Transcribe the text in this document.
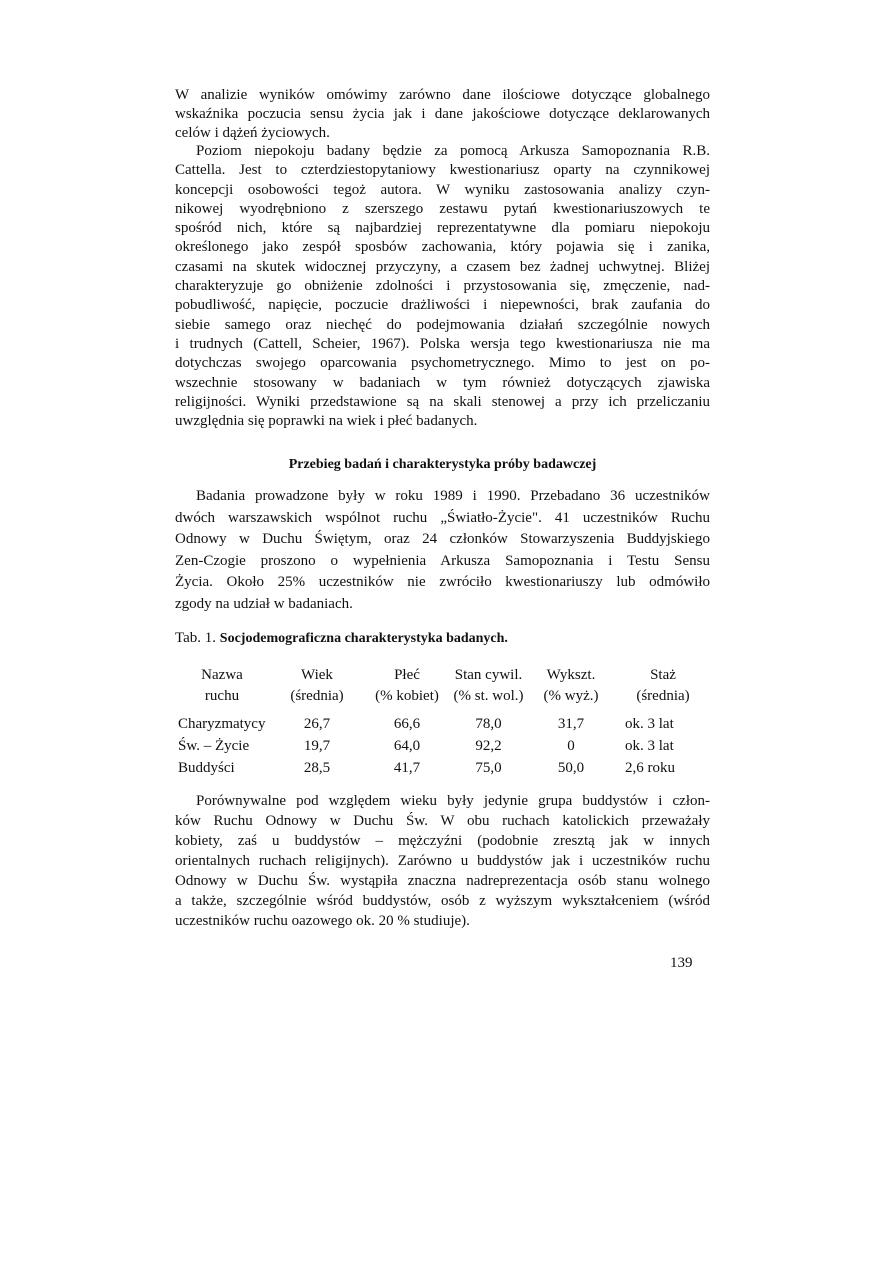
W analizie wyników omówimy zarówno dane ilościowe dotyczące globalnego
wskaźnika poczucia sensu życia jak i dane jakościowe dotyczące deklarowanych
celów i dążeń życiowych.
Poziom niepokoju badany będzie za pomocą Arkusza Samopoznania R.B.
Cattella. Jest to czterdziestopytaniowy kwestionariusz oparty na czynnikowej
koncepcji osobowości tegoż autora. W wyniku zastosowania analizy czyn-
nikowej wyodrębniono z szerszego zestawu pytań kwestionariuszowych te
spośród nich, które są najbardziej reprezentatywne dla pomiaru niepokoju
określonego jako zespół sposbów zachowania, który pojawia się i zanika,
czasami na skutek widocznej przyczyny, a czasem bez żadnej uchwytnej. Bliżej
charakteryzuje go obniżenie zdolności i przystosowania się, zmęczenie, nad-
pobudliwość, napięcie, poczucie drażliwości i niepewności, brak zaufania do
siebie samego oraz niechęć do podejmowania działań szczególnie nowych
i trudnych (Cattell, Scheier, 1967). Polska wersja tego kwestionariusza nie ma
dotychczas swojego oparcowania psychometrycznego. Mimo to jest on po-
wszechnie stosowany w badaniach w tym również dotyczących zjawiska
religijności. Wyniki przedstawione są na skali stenowej a przy ich przeliczaniu
uwzględnia się poprawki na wiek i płeć badanych.
Przebieg badań i charakterystyka próby badawczej
Badania prowadzone były w roku 1989 i 1990. Przebadano 36 uczestników
dwóch warszawskich wspólnot ruchu „Światło-Życie". 41 uczestników Ruchu
Odnowy w Duchu Świętym, oraz 24 członków Stowarzyszenia Buddyjskiego
Zen-Czogie proszono o wypełnienia Arkusza Samopoznania i Testu Sensu
Życia. Około 25% uczestników nie zwróciło kwestionariuszy lub odmówiło
zgody na udział w badaniach.
Tab. 1. Socjodemograficzna charakterystyka badanych.
Nazwa	Wiek	Płeć	Stan cywil.	Wykszt.	Staż
ruchu	(średnia)	(% kobiet)	(% st. wol.)	(% wyż.)	(średnia)

Charyzmatycy	26,7	66,6	78,0	31,7	ok. 3 lat
Św. – Życie	19,7	64,0	92,2	0	ok. 3 lat
Buddyści	28,5	41,7	75,0	50,0	2,6 roku
Porównywalne pod względem wieku były jedynie grupa buddystów i człon-
ków Ruchu Odnowy w Duchu Św. W obu ruchach katolickich przeważały
kobiety, zaś u buddystów – mężczyźni (podobnie zresztą jak w innych
orientalnych ruchach religijnych). Zarówno u buddystów jak i uczestników ruchu
Odnowy w Duchu Św. wystąpiła znaczna nadreprezentacja osób stanu wolnego
a także, szczególnie wśród buddystów, osób z wyższym wykształceniem (wśród
uczestników ruchu oazowego ok. 20 % studiuje).
139
